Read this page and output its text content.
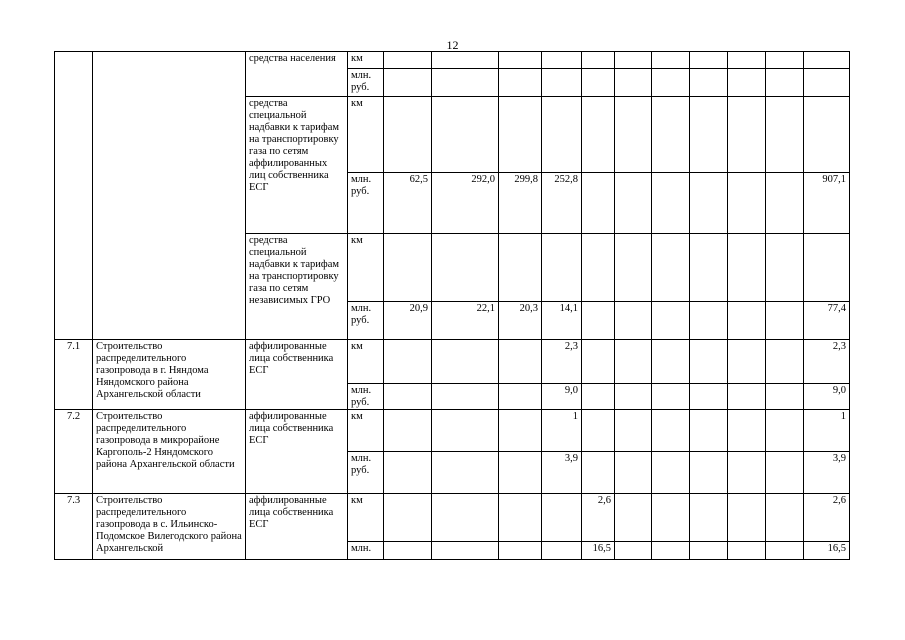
12
		средства населения	км											
			млн. руб.											
		средства специальной надбавки к тарифам на транспортировку газа по сетям аффилированных лиц собственника ЕСГ	км											
			млн. руб.	62,5	292,0	299,8	252,8							907,1
		средства специальной надбавки к тарифам на транспортировку газа по сетям независимых ГРО	км											
			млн. руб.	20,9	22,1	20,3	14,1							77,4
7.1	Строительство распределительного газопровода в г. Няндома Няндомского района Архангельской области	аффилированные лица собственника ЕСГ	км				2,3							2,3
			млн. руб.				9,0							9,0
7.2	Строительство распределительного газопровода в микрорайоне Каргополь-2 Няндомского района Архангельской области	аффилированные лица собственника ЕСГ	км				1							1
			млн. руб.				3,9							3,9
7.3	Строительство распределительного газопровода в с. Ильинско-Подомское Вилегодского района Архангельской	аффилированные лица собственника ЕСГ	км					2,6						2,6
			млн.					16,5						16,5
